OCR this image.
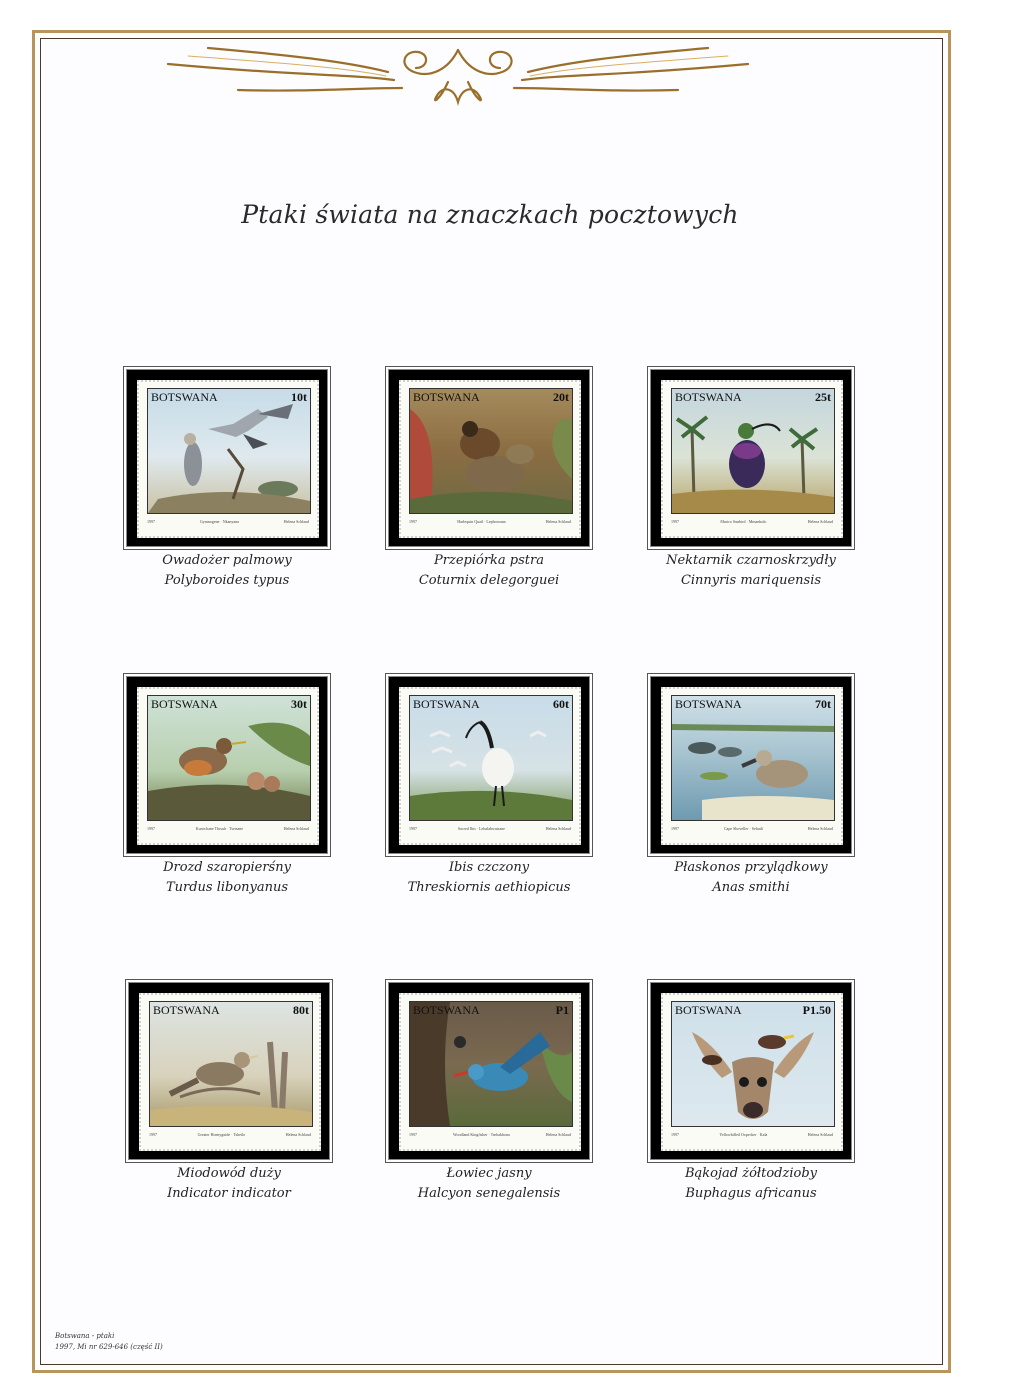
Ptaki świata na znaczkach pocztowych
BOTSWANA	10t
1997	Gymnogene · Nkanyana	Helena Schlaud
Owadożer palmowy
Polyboroides typus
BOTSWANA	20t
1997	Harlequin Quail · Lephoroana	Helena Schlaud
Przepiórka pstra
Coturnix delegorguei
BOTSWANA	25t
1997	Marico Sunbird · Mmankolo	Helena Schlaud
Nektarnik czarnoskrzydły
Cinnyris mariquensis
BOTSWANA	30t
1997	Kurrichane Thrush · Tsetsane	Helena Schlaud
Drozd szaropierśny
Turdus libonyanus
BOTSWANA	60t
1997	Sacred Ibis · Lehalahwatsane	Helena Schlaud
Ibis czczony
Threskiornis aethiopicus
BOTSWANA	70t
1997	Cape Shoveller · Sehudi	Helena Schlaud
Płaskonos przylądkowy
Anas smithi
BOTSWANA	80t
1997	Greater Honeyguide · Tshetlo	Helena Schlaud
Miodowód duży
Indicator indicator
BOTSWANA	P1
1997	Woodland Kingfisher · Tsebakhona	Helena Schlaud
Łowiec jasny
Halcyon senegalensis
BOTSWANA	P1.50
1997	Yellowbilled Oxpecker · Kala	Helena Schlaud
Bąkojad żółtodzioby
Buphagus africanus
Botswana - ptaki
1997, Mi nr 629-646 (część II)
